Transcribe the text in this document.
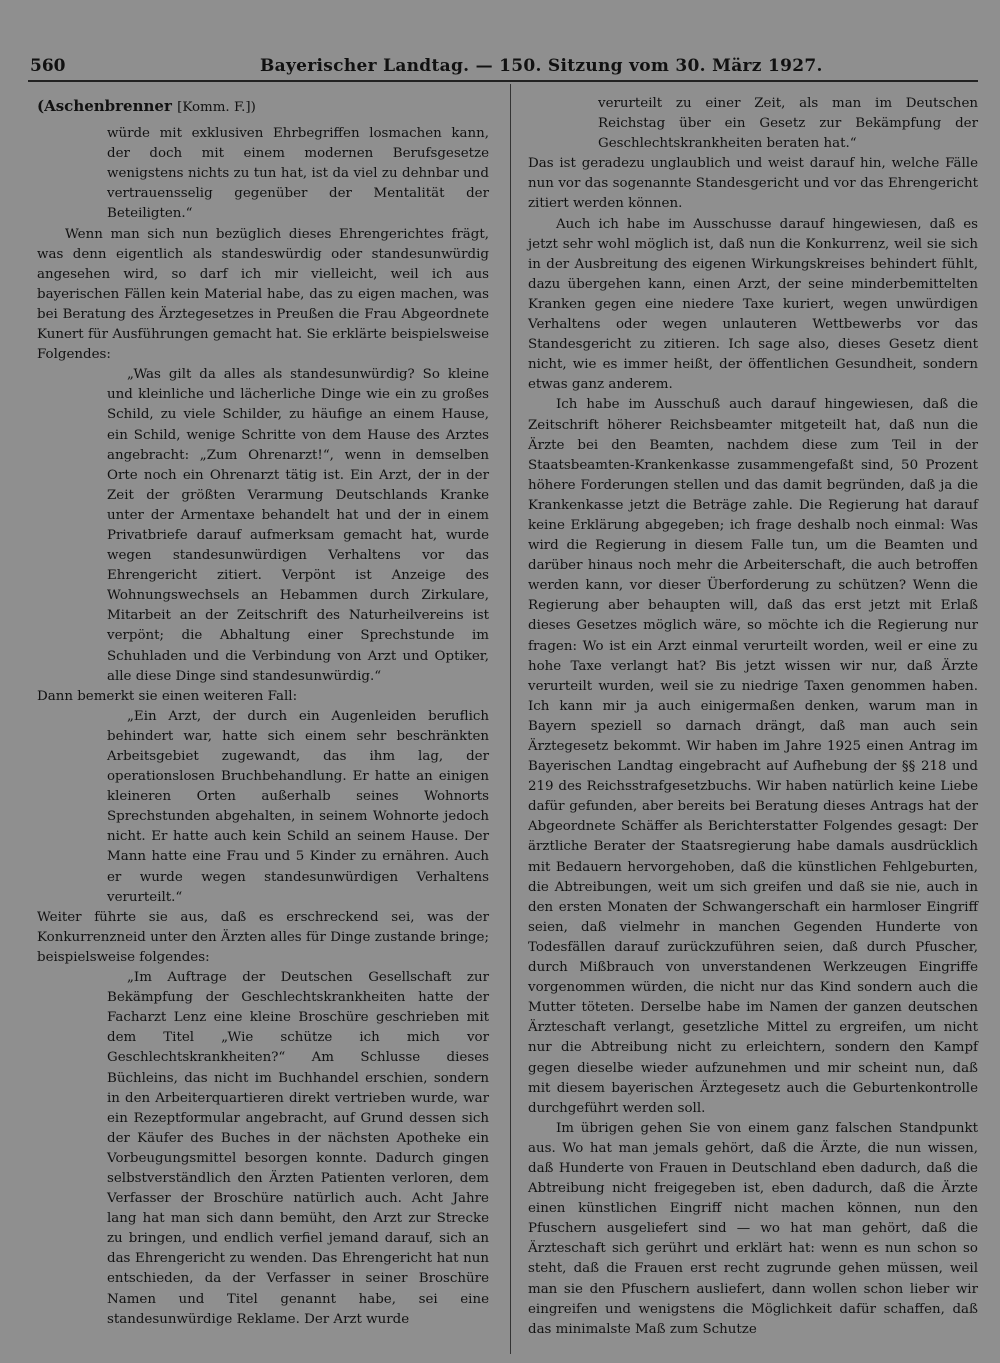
560	Bayerischer Landtag. — 150. Sitzung vom 30. März 1927.

(Aschenbrenner [Komm. F.])

würde mit exklusiven Ehrbegriffen losmachen kann, der doch mit einem modernen Berufsgesetze wenigstens nichts zu tun hat, ist da viel zu dehnbar und vertrauensselig gegenüber der Mentalität der Beteiligten.“

Wenn man sich nun bezüglich dieses Ehrengerichtes frägt, was denn eigentlich als standeswürdig oder standesunwürdig angesehen wird, so darf ich mir vielleicht, weil ich aus bayerischen Fällen kein Material habe, das zu eigen machen, was bei Beratung des Ärztegesetzes in Preußen die Frau Abgeordnete Kunert für Ausführungen gemacht hat. Sie erklärte beispielsweise Folgendes:

„Was gilt da alles als standesunwürdig? So kleine und kleinliche und lächerliche Dinge wie ein zu großes Schild, zu viele Schilder, zu häufige an einem Hause, ein Schild, wenige Schritte von dem Hause des Arztes angebracht: „Zum Ohrenarzt!“, wenn in demselben Orte noch ein Ohrenarzt tätig ist. Ein Arzt, der in der Zeit der größten Verarmung Deutschlands Kranke unter der Armentaxe behandelt hat und der in einem Privatbriefe darauf aufmerksam gemacht hat, wurde wegen standesunwürdigen Verhaltens vor das Ehrengericht zitiert. Verpönt ist Anzeige des Wohnungswechsels an Hebammen durch Zirkulare, Mitarbeit an der Zeitschrift des Naturheilvereins ist verpönt; die Abhaltung einer Sprechstunde im Schuhladen und die Verbindung von Arzt und Optiker, alle diese Dinge sind standesunwürdig.“

Dann bemerkt sie einen weiteren Fall:

„Ein Arzt, der durch ein Augenleiden beruflich behindert war, hatte sich einem sehr beschränkten Arbeitsgebiet zugewandt, das ihm lag, der operationslosen Bruchbehandlung. Er hatte an einigen kleineren Orten außerhalb seines Wohnorts Sprechstunden abgehalten, in seinem Wohnorte jedoch nicht. Er hatte auch kein Schild an seinem Hause. Der Mann hatte eine Frau und 5 Kinder zu ernähren. Auch er wurde wegen standesunwürdigen Verhaltens verurteilt.“

Weiter führte sie aus, daß es erschreckend sei, was der Konkurrenzneid unter den Ärzten alles für Dinge zustande bringe; beispielsweise folgendes:

„Im Auftrage der Deutschen Gesellschaft zur Bekämpfung der Geschlechtskrankheiten hatte der Facharzt Lenz eine kleine Broschüre geschrieben mit dem Titel „Wie schütze ich mich vor Geschlechtskrankheiten?“ Am Schlusse dieses Büchleins, das nicht im Buchhandel erschien, sondern in den Arbeiterquartieren direkt vertrieben wurde, war ein Rezeptformular angebracht, auf Grund dessen sich der Käufer des Buches in der nächsten Apotheke ein Vorbeugungsmittel besorgen konnte. Dadurch gingen selbstverständlich den Ärzten Patienten verloren, dem Verfasser der Broschüre natürlich auch. Acht Jahre lang hat man sich dann bemüht, den Arzt zur Strecke zu bringen, und endlich verfiel jemand darauf, sich an das Ehrengericht zu wenden. Das Ehrengericht hat nun entschieden, da der Verfasser in seiner Broschüre Namen und Titel genannt habe, sei eine standesunwürdige Reklame. Der Arzt wurde

verurteilt zu einer Zeit, als man im Deutschen Reichstag über ein Gesetz zur Bekämpfung der Geschlechtskrankheiten beraten hat.“

Das ist geradezu unglaublich und weist darauf hin, welche Fälle nun vor das sogenannte Standesgericht und vor das Ehrengericht zitiert werden können.

Auch ich habe im Ausschusse darauf hingewiesen, daß es jetzt sehr wohl möglich ist, daß nun die Konkurrenz, weil sie sich in der Ausbreitung des eigenen Wirkungskreises behindert fühlt, dazu übergehen kann, einen Arzt, der seine minderbemittelten Kranken gegen eine niedere Taxe kuriert, wegen unwürdigen Verhaltens oder wegen unlauteren Wettbewerbs vor das Standesgericht zu zitieren. Ich sage also, dieses Gesetz dient nicht, wie es immer heißt, der öffentlichen Gesundheit, sondern etwas ganz anderem.

Ich habe im Ausschuß auch darauf hingewiesen, daß die Zeitschrift höherer Reichsbeamter mitgeteilt hat, daß nun die Ärzte bei den Beamten, nachdem diese zum Teil in der Staatsbeamten-Krankenkasse zusammengefaßt sind, 50 Prozent höhere Forderungen stellen und das damit begründen, daß ja die Krankenkasse jetzt die Beträge zahle. Die Regierung hat darauf keine Erklärung abgegeben; ich frage deshalb noch einmal: Was wird die Regierung in diesem Falle tun, um die Beamten und darüber hinaus noch mehr die Arbeiterschaft, die auch betroffen werden kann, vor dieser Überforderung zu schützen? Wenn die Regierung aber behaupten will, daß das erst jetzt mit Erlaß dieses Gesetzes möglich wäre, so möchte ich die Regierung nur fragen: Wo ist ein Arzt einmal verurteilt worden, weil er eine zu hohe Taxe verlangt hat? Bis jetzt wissen wir nur, daß Ärzte verurteilt wurden, weil sie zu niedrige Taxen genommen haben. Ich kann mir ja auch einigermaßen denken, warum man in Bayern speziell so darnach drängt, daß man auch sein Ärztegesetz bekommt. Wir haben im Jahre 1925 einen Antrag im Bayerischen Landtag eingebracht auf Aufhebung der §§ 218 und 219 des Reichsstrafgesetzbuchs. Wir haben natürlich keine Liebe dafür gefunden, aber bereits bei Beratung dieses Antrags hat der Abgeordnete Schäffer als Berichterstatter Folgendes gesagt: Der ärztliche Berater der Staatsregierung habe damals ausdrücklich mit Bedauern hervorgehoben, daß die künstlichen Fehlgeburten, die Abtreibungen, weit um sich greifen und daß sie nie, auch in den ersten Monaten der Schwangerschaft ein harmloser Eingriff seien, daß vielmehr in manchen Gegenden Hunderte von Todesfällen darauf zurückzuführen seien, daß durch Pfuscher, durch Mißbrauch von unverstandenen Werkzeugen Eingriffe vorgenommen würden, die nicht nur das Kind sondern auch die Mutter töteten. Derselbe habe im Namen der ganzen deutschen Ärzteschaft verlangt, gesetzliche Mittel zu ergreifen, um nicht nur die Abtreibung nicht zu erleichtern, sondern den Kampf gegen dieselbe wieder aufzunehmen und mir scheint nun, daß mit diesem bayerischen Ärztegesetz auch die Geburtenkontrolle durchgeführt werden soll.

Im übrigen gehen Sie von einem ganz falschen Standpunkt aus. Wo hat man jemals gehört, daß die Ärzte, die nun wissen, daß Hunderte von Frauen in Deutschland eben dadurch, daß die Abtreibung nicht freigegeben ist, eben dadurch, daß die Ärzte einen künstlichen Eingriff nicht machen können, nun den Pfuschern ausgeliefert sind — wo hat man gehört, daß die Ärzteschaft sich gerührt und erklärt hat: wenn es nun schon so steht, daß die Frauen erst recht zugrunde gehen müssen, weil man sie den Pfuschern ausliefert, dann wollen schon lieber wir eingreifen und wenigstens die Möglichkeit dafür schaffen, daß das minimalste Maß zum Schutze
